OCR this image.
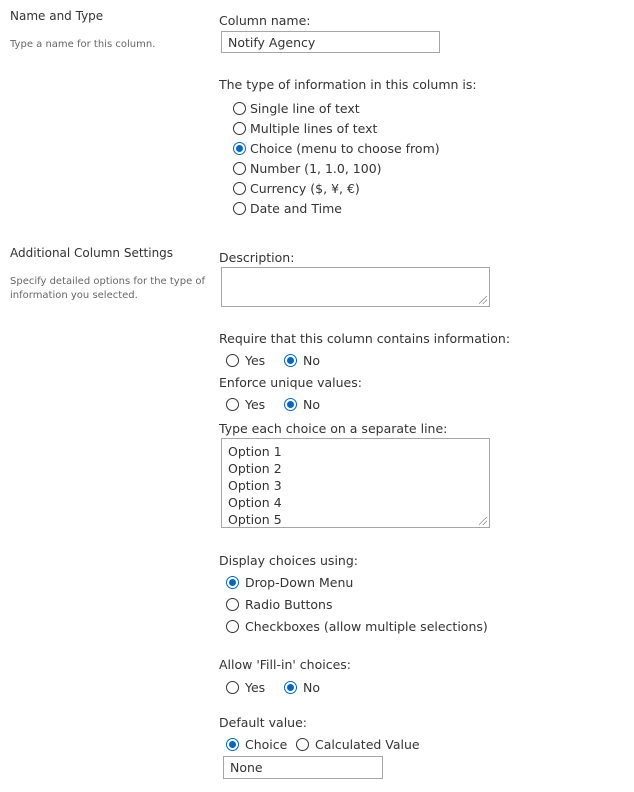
Name and Type
Type a name for this column.
Additional Column Settings
Specify detailed options for the type of
information you selected.
Column name:
Notify Agency
The type of information in this column is:
Single line of text
Multiple lines of text
Choice (menu to choose from)
Number (1, 1.0, 100)
Currency ($, ¥, €)
Date and Time
Description:
Require that this column contains information:
Yes	No
Enforce unique values:
Yes	No
Type each choice on a separate line:
Option 1
Option 2
Option 3
Option 4
Option 5
Display choices using:
Drop-Down Menu
Radio Buttons
Checkboxes (allow multiple selections)
Allow 'Fill-in' choices:
Yes	No
Default value:
Choice Calculated Value
None
